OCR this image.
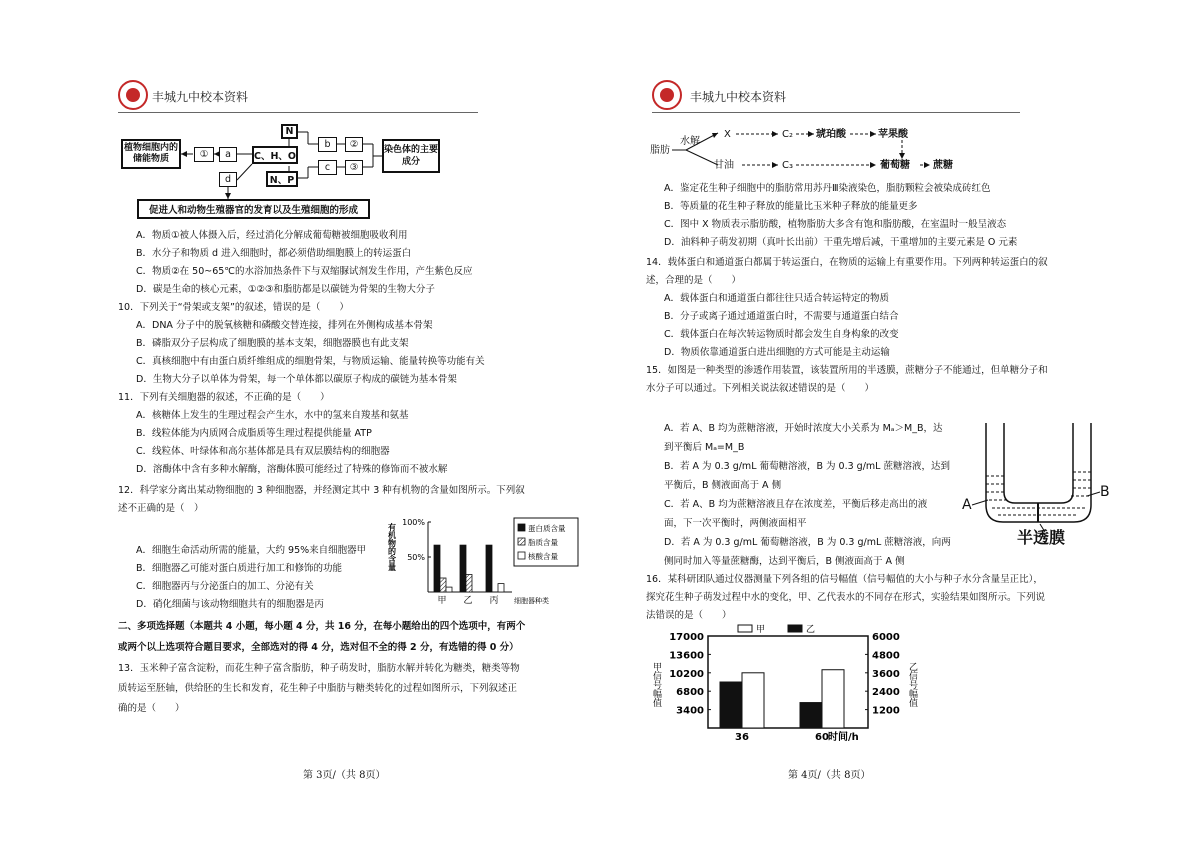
丰城九中校本资料
植物细胞内的储能物质	①	a	C、H、O
N
b	②	染色体的主要成分
N、P
c	③
d
促进人和动物生殖器官的发育以及生殖细胞的形成
A．物质①被人体摄入后，经过消化分解成葡萄糖被细胞吸收利用
B．水分子和物质 d 进入细胞时，都必须借助细胞膜上的转运蛋白
C．物质②在 50~65℃的水浴加热条件下与双缩脲试剂发生作用，产生紫色反应
D．碳是生命的核心元素，①②③和脂肪都是以碳链为骨架的生物大分子
10．下列关于“骨架或支架”的叙述，错误的是（　　）
A．DNA 分子中的脱氧核糖和磷酸交替连接，排列在外侧构成基本骨架
B．磷脂双分子层构成了细胞膜的基本支架，细胞器膜也有此支架
C．真核细胞中有由蛋白质纤维组成的细胞骨架，与物质运输、能量转换等功能有关
D．生物大分子以单体为骨架，每一个单体都以碳原子构成的碳链为基本骨架
11．下列有关细胞器的叙述，不正确的是（　　）
A．核糖体上发生的生理过程会产生水，水中的氢来自羧基和氨基
B．线粒体能为内质网合成脂质等生理过程提供能量 ATP
C．线粒体、叶绿体和高尔基体都是具有双层膜结构的细胞器
D．溶酶体中含有多种水解酶，溶酶体膜可能经过了特殊的修饰而不被水解
12．科学家分离出某动物细胞的 3 种细胞器，并经测定其中 3 种有机物的含量如图所示。下列叙
述不正确的是（　）
A．细胞生命活动所需的能量，大约 95%来自细胞器甲
B．细胞器乙可能对蛋白质进行加工和修饰的功能
C．细胞器丙与分泌蛋白的加工、分泌有关
D．硝化细菌与该动物细胞共有的细胞器是丙
100%
50%
有机物的含量
甲 乙 丙 细胞器种类
蛋白质含量
脂质含量
核酸含量
二、多项选择题（本题共 4 小题，每小题 4 分，共 16 分，在每小题给出的四个选项中，有两个
或两个以上选项符合题目要求，全部选对的得 4 分，选对但不全的得 2 分，有选错的得 0 分）
13．玉米种子富含淀粉，而花生种子富含脂肪，种子萌发时，脂肪水解并转化为糖类，糖类等物
质转运至胚轴，供给胚的生长和发育，花生种子中脂肪与糖类转化的过程如图所示，下列叙述正
确的是（　　）
第 3页/（共 8页）
丰城九中校本资料
脂肪
水解
X
甘油
C₂ 琥珀酸	苹果酸
C₃	葡萄糖 蔗糖
A．鉴定花生种子细胞中的脂肪常用苏丹Ⅲ染液染色，脂肪颗粒会被染成砖红色
B．等质量的花生种子释放的能量比玉米种子释放的能量更多
C．图中 X 物质表示脂肪酸，植物脂肪大多含有饱和脂肪酸，在室温时一般呈液态
D．油料种子萌发初期（真叶长出前）干重先增后减，干重增加的主要元素是 O 元素
14．载体蛋白和通道蛋白都属于转运蛋白，在物质的运输上有重要作用。下列两种转运蛋白的叙
述，合理的是（　　）
A．载体蛋白和通道蛋白都往往只适合转运特定的物质
B．分子或离子通过通道蛋白时，不需要与通道蛋白结合
C．载体蛋白在每次转运物质时都会发生自身构象的改变
D．物质依靠通道蛋白进出细胞的方式可能是主动运输
15．如图是一种类型的渗透作用装置，该装置所用的半透膜，蔗糖分子不能通过，但单糖分子和
水分子可以通过。下列相关说法叙述错误的是（　　）
A．若 A、B 均为蔗糖溶液，开始时浓度大小关系为 Mₐ＞M_B，达
到平衡后 Mₐ=M_B
B．若 A 为 0.3 g/mL 葡萄糖溶液，B 为 0.3 g/mL 蔗糖溶液，达到
平衡后，B 侧液面高于 A 侧
C．若 A、B 均为蔗糖溶液且存在浓度差，平衡后移走高出的液
面，下一次平衡时，两侧液面相平
D．若 A 为 0.3 g/mL 葡萄糖溶液，B 为 0.3 g/mL 蔗糖溶液，向两
侧同时加入等量蔗糖酶，达到平衡后，B 侧液面高于 A 侧
A
B
半透膜
16．某科研团队通过仪器测量下列各组的信号幅值（信号幅值的大小与种子水分含量呈正比），
探究花生种子萌发过程中水的变化，甲、乙代表水的不同存在形式，实验结果如图所示。下列说
法错误的是（　　）
3400
6800
10200
13600
17000
1200
2400
3600
4800
6000
甲信号幅值	乙信号幅值
36	60 时间/h
甲	乙
第 4页/（共 8页）
